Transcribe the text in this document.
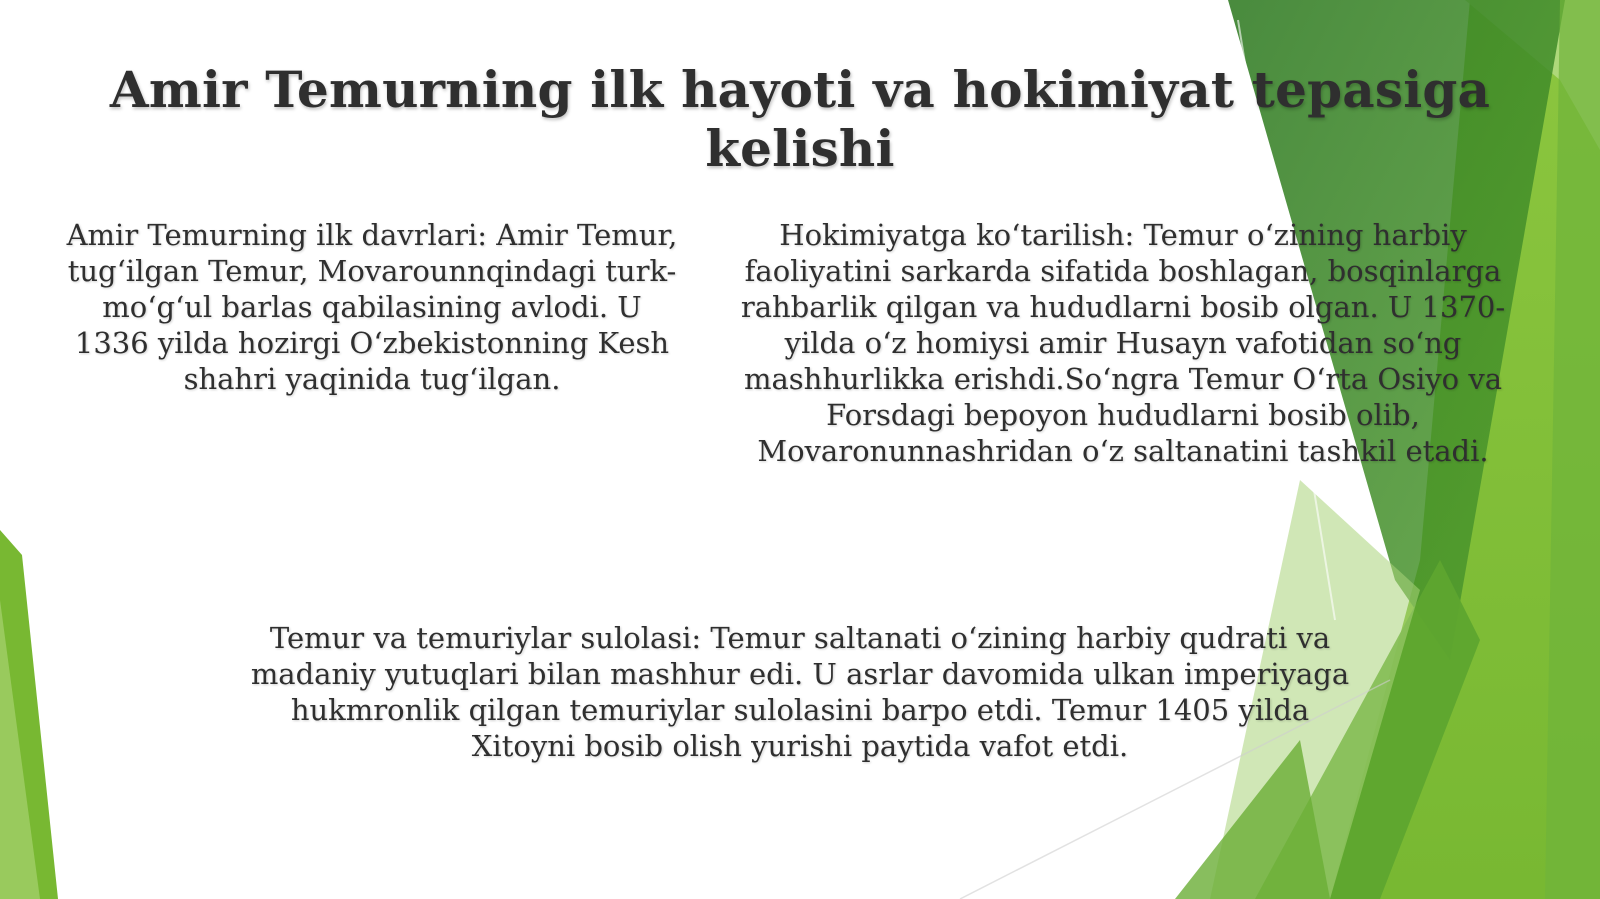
Amir Temurning ilk hayoti va hokimiyat tepasiga kelishi

Amir Temurning ilk davrlari: Amir Temur, tug‘ilgan Temur, Movarounnqindagi turk-mo‘g‘ul barlas qabilasining avlodi. U 1336 yilda hozirgi O‘zbekistonning Kesh shahri yaqinida tug‘ilgan.

Hokimiyatga ko‘tarilish: Temur o‘zining harbiy faoliyatini sarkarda sifatida boshlagan, bosqinlarga rahbarlik qilgan va hududlarni bosib olgan. U 1370-yilda o‘z homiysi amir Husayn vafotidan so‘ng mashhurlikka erishdi.So‘ngra Temur O‘rta Osiyo va Forsdagi bepoyon hududlarni bosib olib, Movaronunnashridan o‘z saltanatini tashkil etadi.

Temur va temuriylar sulolasi: Temur saltanati o‘zining harbiy qudrati va madaniy yutuqlari bilan mashhur edi. U asrlar davomida ulkan imperiyaga hukmronlik qilgan temuriylar sulolasini barpo etdi. Temur 1405 yilda Xitoyni bosib olish yurishi paytida vafot etdi.
